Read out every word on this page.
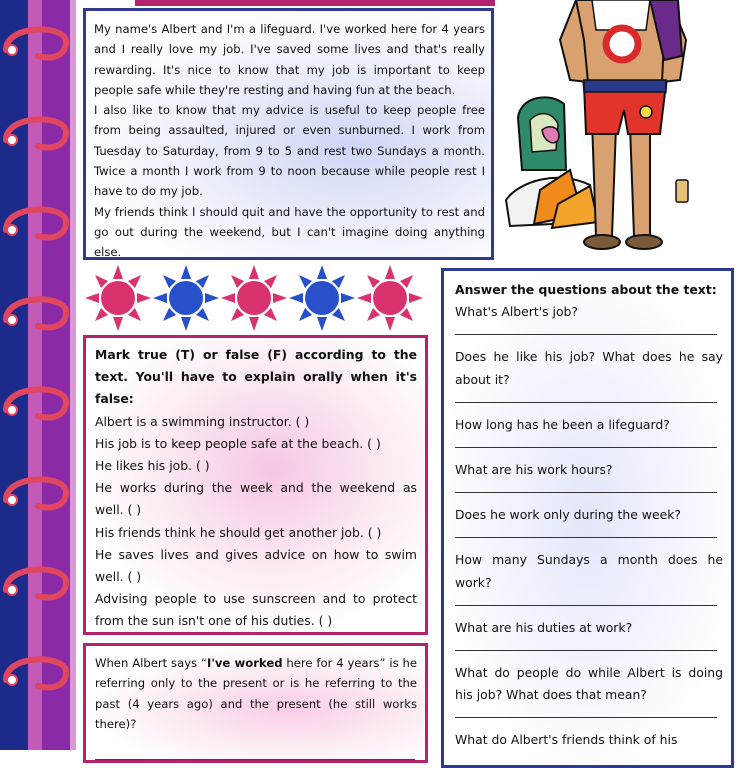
My name's Albert and I'm a lifeguard. I've worked here for 4 years and I really love my job. I've saved some lives and that's really rewarding. It's nice to know that my job is important to keep people safe while they're resting and having fun at the beach.

I also like to know that my advice is useful to keep people free from being assaulted, injured or even sunburned. I work from Tuesday to Saturday, from 9 to 5 and rest two Sundays a month. Twice a month I work from 9 to noon because while people rest I have to do my job.

My friends think I should quit and have the opportunity to rest and go out during the weekend, but I can't imagine doing anything else.

Mark true (T) or false (F) according to the text. You'll have to explain orally when it's false:

Albert is a swimming instructor. ( )

His job is to keep people safe at the beach. ( )

He likes his job. ( )

He works during the week and the weekend as well. ( )

His friends think he should get another job. ( )

He saves lives and gives advice on how to swim well. ( )

Advising people to use sunscreen and to protect from the sun isn't one of his duties. ( )

When Albert says “I've worked here for 4 years” is he referring only to the present or is he referring to the past (4 years ago) and the present (he still works there)?

Answer the questions about the text:

What's Albert's job?

Does he like his job? What does he say about it?

How long has he been a lifeguard?

What are his work hours?

Does he work only during the week?

How many Sundays a month does he work?

What are his duties at work?

What do people do while Albert is doing his job? What does that mean?

What do Albert's friends think of his
